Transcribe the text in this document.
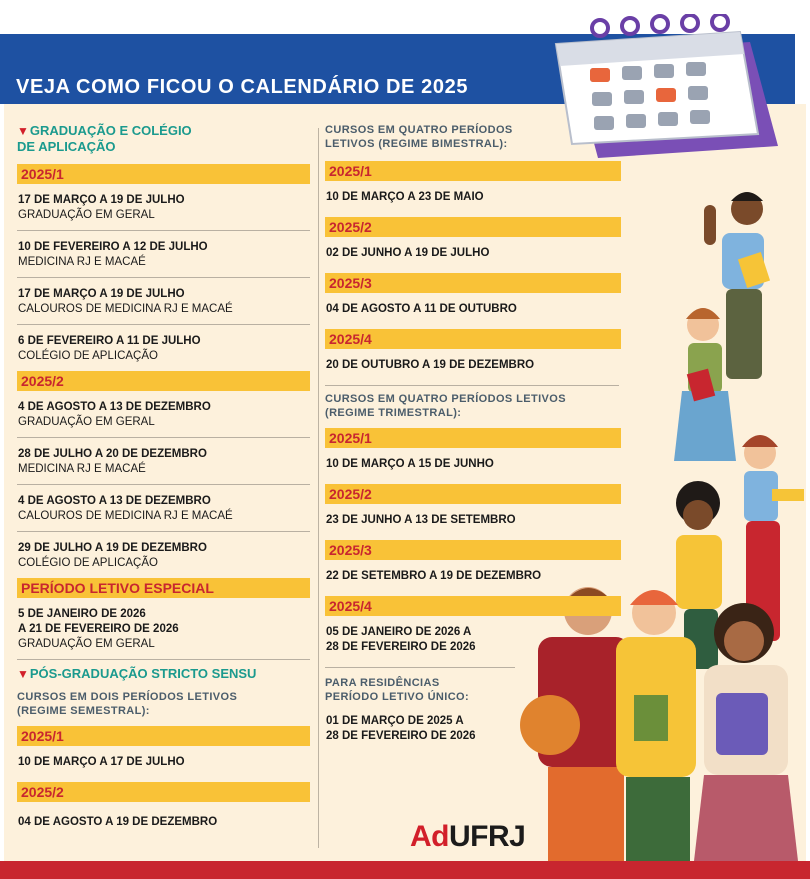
VEJA COMO FICOU O CALENDÁRIO DE 2025
▼GRADUAÇÃO E COLÉGIO
DE APLICAÇÃO
2025/1
17 DE MARÇO A 19 DE JULHO
GRADUAÇÃO EM GERAL
10 DE FEVEREIRO A 12 DE JULHO
MEDICINA RJ E MACAÉ
17 DE MARÇO A 19 DE JULHO
CALOUROS DE MEDICINA RJ E MACAÉ
6 DE FEVEREIRO A 11 DE JULHO
COLÉGIO DE APLICAÇÃO
2025/2
4 DE AGOSTO A 13 DE DEZEMBRO
GRADUAÇÃO EM GERAL
28 DE JULHO A 20 DE DEZEMBRO
MEDICINA RJ E MACAÉ
4 DE AGOSTO A 13 DE DEZEMBRO
CALOUROS DE MEDICINA RJ E MACAÉ
29 DE JULHO A 19 DE DEZEMBRO
COLÉGIO DE APLICAÇÃO
PERÍODO LETIVO ESPECIAL
5 DE JANEIRO DE 2026
A 21 DE FEVEREIRO DE 2026
GRADUAÇÃO EM GERAL
▼PÓS-GRADUAÇÃO STRICTO SENSU
CURSOS EM DOIS PERÍODOS LETIVOS
(REGIME SEMESTRAL):
2025/1
10 DE MARÇO A 17 DE JULHO
2025/2
04 DE AGOSTO A 19 DE DEZEMBRO
CURSOS EM QUATRO PERÍODOS
LETIVOS (REGIME BIMESTRAL):
2025/1
10 DE MARÇO A 23 DE MAIO
2025/2
02 DE JUNHO A 19 DE JULHO
2025/3
04 DE AGOSTO A 11 DE OUTUBRO
2025/4
20 DE OUTUBRO A 19 DE DEZEMBRO
CURSOS EM QUATRO PERÍODOS LETIVOS
(REGIME TRIMESTRAL):
2025/1
10 DE MARÇO A 15 DE JUNHO
2025/2
23 DE JUNHO A 13 DE SETEMBRO
2025/3
22 DE SETEMBRO A 19 DE DEZEMBRO
2025/4
05 DE JANEIRO DE 2026 A
28 DE FEVEREIRO DE 2026
PARA RESIDÊNCIAS
PERÍODO LETIVO ÚNICO:
01 DE MARÇO DE 2025 A
28 DE FEVEREIRO DE 2026
AdUFRJ
